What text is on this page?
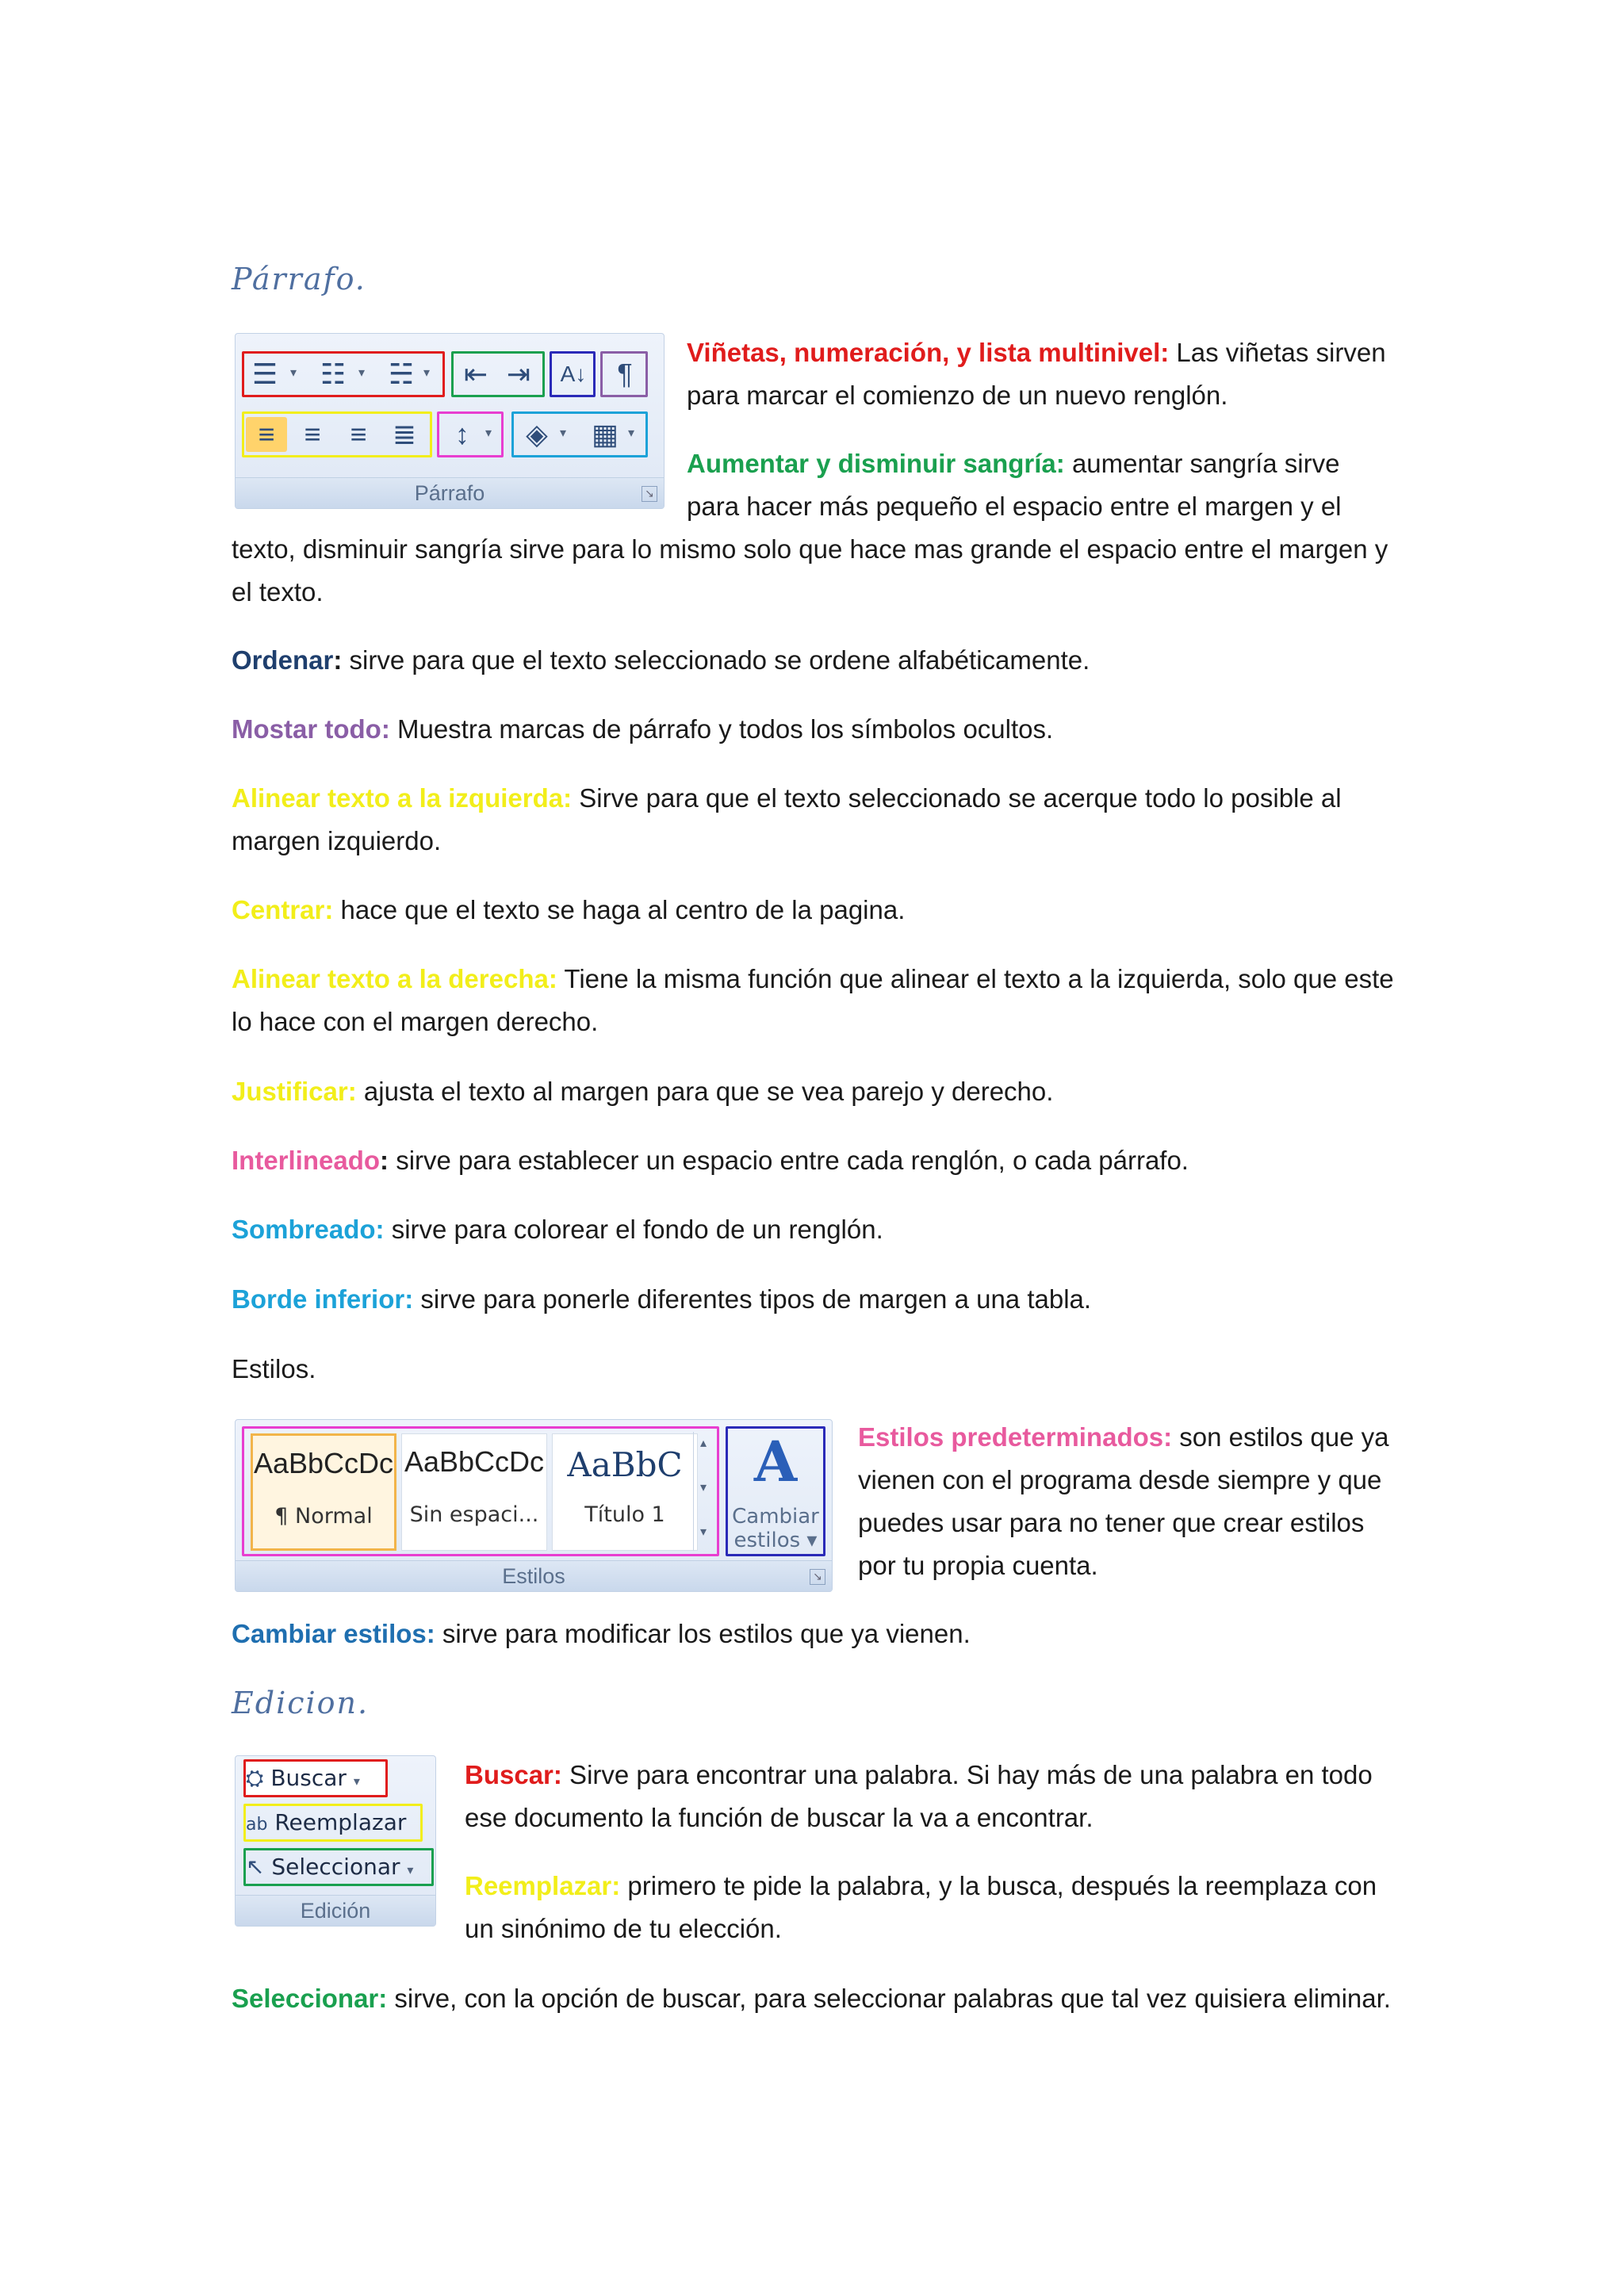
Párrafo.
☰ ▾ ☷ ▾ ☵ ▾ ⇤ ⇥	A↓	¶
≡	≡	≡ ≣	↕	▾	◈ ▾ ▦ ▾
Párrafo	↘

Viñetas, numeración, y lista multinivel: Las viñetas sirven para marcar el comienzo de un nuevo renglón.

Aumentar y disminuir sangría: aumentar sangría sirve para hacer más pequeño el espacio entre el margen y el

texto, disminuir sangría sirve para lo mismo solo que hace mas grande el espacio entre el margen y el texto.

Ordenar: sirve para que el texto seleccionado se ordene alfabéticamente.

Mostar todo: Muestra marcas de párrafo y todos los símbolos ocultos.

Alinear texto a la izquierda: Sirve para que el texto seleccionado se acerque todo lo posible al margen izquierdo.

Centrar: hace que el texto se haga al centro de la pagina.

Alinear texto a la derecha: Tiene la misma función que alinear el texto a la izquierda, solo que este lo hace con el margen derecho.

Justificar: ajusta el texto al margen para que se vea parejo y derecho.

Interlineado: sirve para establecer un espacio entre cada renglón, o cada párrafo.

Sombreado: sirve para colorear el fondo de un renglón.

Borde inferior: sirve para ponerle diferentes tipos de margen a una tabla.

Estilos.

AaBbCcDc
¶ Normal
AaBbCcDc
Sin espaci...
AaBbC
Título 1
▴
▾
▾
A
Cambiar
estilos ▾
Estilos	↘

Estilos predeterminados: son estilos que ya vienen con el programa desde siempre y que puedes usar para no tener que crear estilos por tu propia cuenta.

Cambiar estilos: sirve para modificar los estilos que ya vienen.

Edicion.
⛭ Buscar ▾
ab Reemplazar
↖ Seleccionar ▾
Edición

Buscar: Sirve para encontrar una palabra. Si hay más de una palabra en todo ese documento la función de buscar la va a encontrar.

Reemplazar: primero te pide la palabra, y la busca, después la reemplaza con un sinónimo de tu elección.

Seleccionar: sirve, con la opción de buscar, para seleccionar palabras que tal vez quisiera eliminar.
